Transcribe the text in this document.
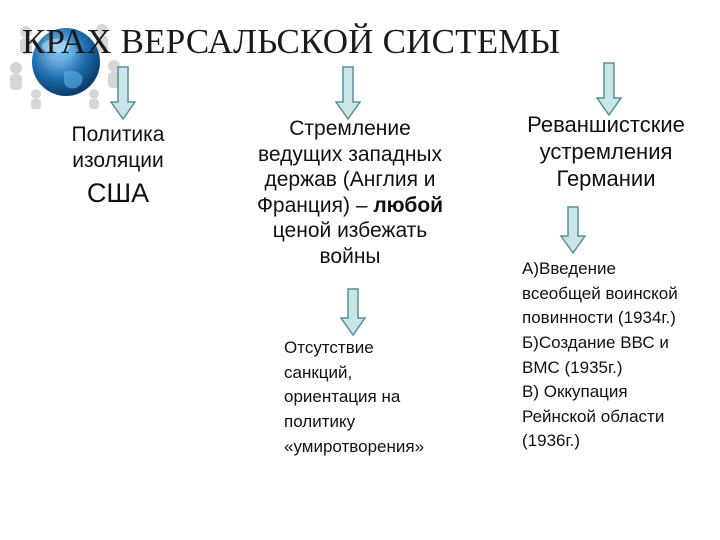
КРАХ ВЕРСАЛЬСКОЙ СИСТЕМЫ
Политика
изоляции
США
Стремление
ведущих западных
держав (Англия и
Франция) – любой
ценой избежать
войны
Отсутствие
санкций,
ориентация на
политику
«умиротворения»
Реваншистские
устремления
Германии
А)Введение
всеобщей воинской
повинности (1934г.)
Б)Создание ВВС и
ВМС (1935г.)
В) Оккупация
Рейнской области
(1936г.)
